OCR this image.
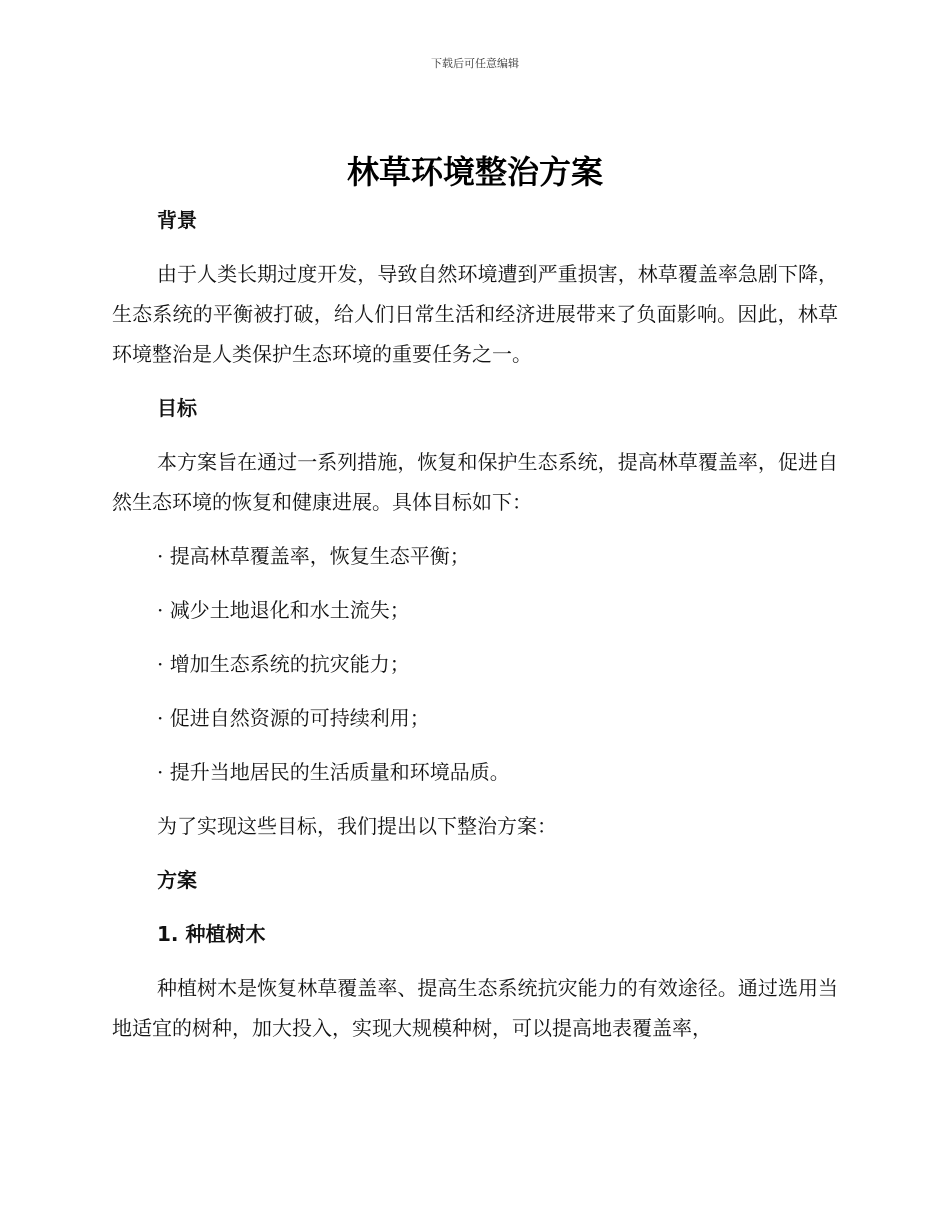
下载后可任意编辑
林草环境整治方案

背景

由于人类长期过度开发，导致自然环境遭到严重损害，林草覆盖率急剧下降，生态系统的平衡被打破，给人们日常生活和经济进展带来了负面影响。因此，林草环境整治是人类保护生态环境的重要任务之一。

目标

本方案旨在通过一系列措施，恢复和保护生态系统，提高林草覆盖率，促进自然生态环境的恢复和健康进展。具体目标如下：

· 提高林草覆盖率，恢复生态平衡；

· 减少土地退化和水土流失；

· 增加生态系统的抗灾能力；

· 促进自然资源的可持续利用；

· 提升当地居民的生活质量和环境品质。

为了实现这些目标，我们提出以下整治方案：

方案

1. 种植树木

种植树木是恢复林草覆盖率、提高生态系统抗灾能力的有效途径。通过选用当地适宜的树种，加大投入，实现大规模种树，可以提高地表覆盖率，
